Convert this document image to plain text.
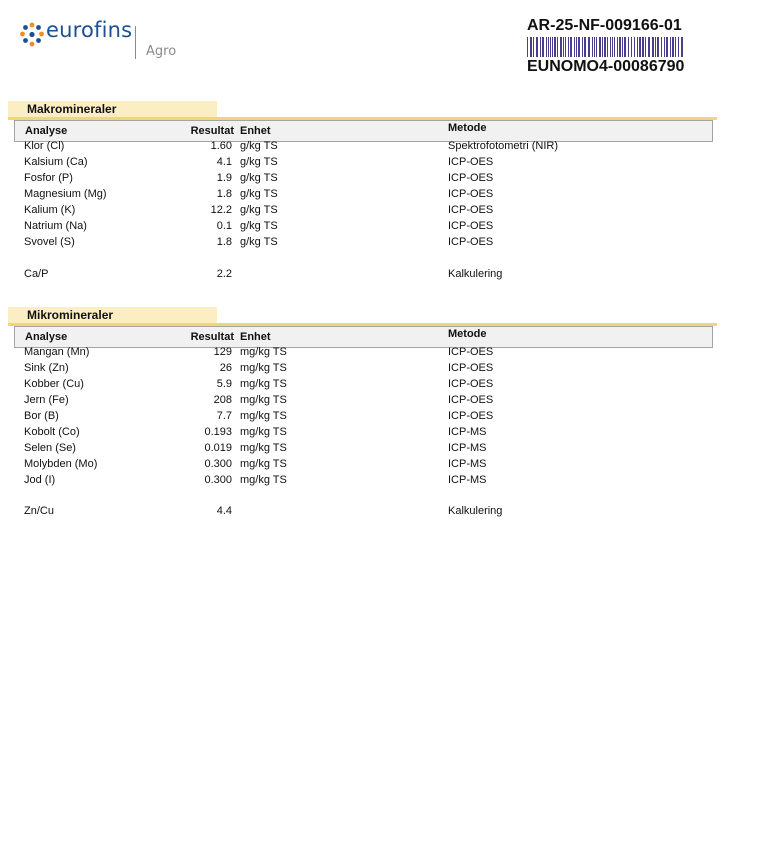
eurofins
Agro
AR-25-NF-009166-01
EUNOMO4-00086790
Makromineraler
Analyse	Resultat Enhet	Metode
Klor (Cl)	1.60 g/kg TS	Spektrofotometri (NIR)
Kalsium (Ca)	4.1 g/kg TS	ICP-OES
Fosfor (P)	1.9 g/kg TS	ICP-OES
Magnesium (Mg)	1.8 g/kg TS	ICP-OES
Kalium (K)	12.2 g/kg TS	ICP-OES
Natrium (Na)	0.1 g/kg TS	ICP-OES
Svovel (S)	1.8 g/kg TS	ICP-OES
Ca/P	2.2	Kalkulering
Mikromineraler
Analyse	Resultat Enhet	Metode
Mangan (Mn)	129 mg/kg TS	ICP-OES
Sink (Zn)	26 mg/kg TS	ICP-OES
Kobber (Cu)	5.9 mg/kg TS	ICP-OES
Jern (Fe)	208 mg/kg TS	ICP-OES
Bor (B)	7.7 mg/kg TS	ICP-OES
Kobolt (Co)	0.193 mg/kg TS	ICP-MS
Selen (Se)	0.019 mg/kg TS	ICP-MS
Molybden (Mo)	0.300 mg/kg TS	ICP-MS
Jod (I)	0.300 mg/kg TS	ICP-MS
Zn/Cu	4.4	Kalkulering
